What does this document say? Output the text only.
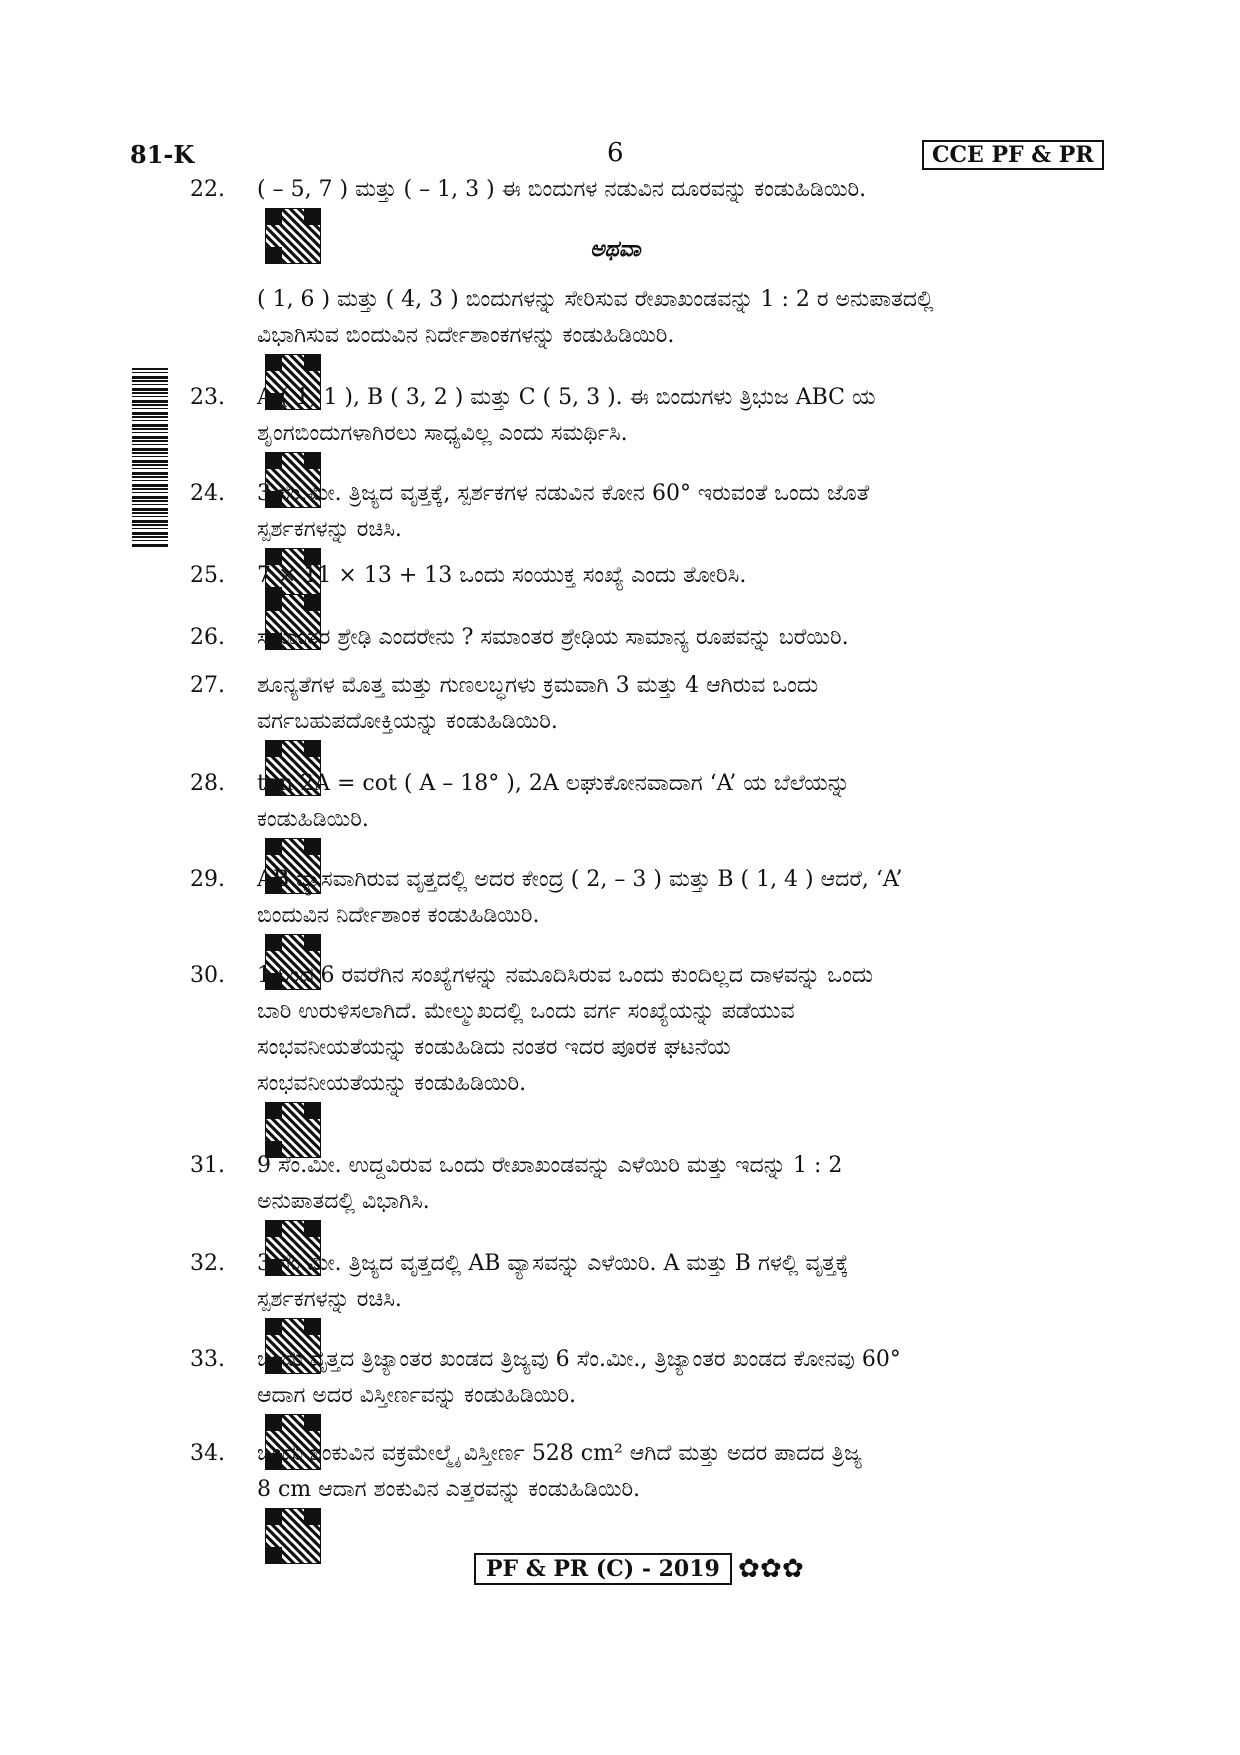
81-K	6	CCE PF & PR
22.	( – 5, 7 ) ಮತ್ತು ( – 1, 3 ) ಈ ಬಿಂದುಗಳ ನಡುವಿನ ದೂರವನ್ನು ಕಂಡುಹಿಡಿಯಿರಿ.
( 1, 6 ) ಮತ್ತು ( 4, 3 ) ಬಿಂದುಗಳನ್ನು ಸೇರಿಸುವ ರೇಖಾಖಂಡವನ್ನು 1 : 2 ರ ಅನುಪಾತದಲ್ಲಿ
ವಿಭಾಗಿಸುವ ಬಿಂದುವಿನ ನಿರ್ದೇಶಾಂಕಗಳನ್ನು ಕಂಡುಹಿಡಿಯಿರಿ.
23.	A ( 1, 1 ), B ( 3, 2 ) ಮತ್ತು C ( 5, 3 ). ಈ ಬಿಂದುಗಳು ತ್ರಿಭುಜ ABC ಯ
ಶೃಂಗಬಿಂದುಗಳಾಗಿರಲು ಸಾಧ್ಯವಿಲ್ಲ ಎಂದು ಸಮರ್ಥಿಸಿ.
24.	3 ಸೆಂ.ಮೀ. ತ್ರಿಜ್ಯದ ವೃತ್ತಕ್ಕೆ, ಸ್ಪರ್ಶಕಗಳ ನಡುವಿನ ಕೋನ 60° ಇರುವಂತೆ ಒಂದು ಜೊತೆ
ಸ್ಪರ್ಶಕಗಳನ್ನು ರಚಿಸಿ.
25.	7 × 11 × 13 + 13 ಒಂದು ಸಂಯುಕ್ತ ಸಂಖ್ಯೆ ಎಂದು ತೋರಿಸಿ.
26.	ಸಮಾಂತರ ಶ್ರೇಢಿ ಎಂದರೇನು ? ಸಮಾಂತರ ಶ್ರೇಢಿಯ ಸಾಮಾನ್ಯ ರೂಪವನ್ನು ಬರೆಯಿರಿ.
27.	ಶೂನ್ಯತೆಗಳ ಮೊತ್ತ ಮತ್ತು ಗುಣಲಬ್ಧಗಳು ಕ್ರಮವಾಗಿ 3 ಮತ್ತು 4 ಆಗಿರುವ ಒಂದು
ವರ್ಗಬಹುಪದೋಕ್ತಿಯನ್ನು ಕಂಡುಹಿಡಿಯಿರಿ.
28.	tan 2A = cot ( A – 18° ), 2A ಲಘುಕೋನವಾದಾಗ ‘A’ ಯ ಬೆಲೆಯನ್ನು
ಕಂಡುಹಿಡಿಯಿರಿ.
29.	AB ವ್ಯಾಸವಾಗಿರುವ ವೃತ್ತದಲ್ಲಿ ಅದರ ಕೇಂದ್ರ ( 2, – 3 ) ಮತ್ತು B ( 1, 4 ) ಆದರೆ, ‘A’
ಬಿಂದುವಿನ ನಿರ್ದೇಶಾಂಕ ಕಂಡುಹಿಡಿಯಿರಿ.
30.	1 ರಿಂದ 6 ರವರೆಗಿನ ಸಂಖ್ಯೆಗಳನ್ನು ನಮೂದಿಸಿರುವ ಒಂದು ಕುಂದಿಲ್ಲದ ದಾಳವನ್ನು ಒಂದು
ಬಾರಿ ಉರುಳಿಸಲಾಗಿದೆ. ಮೇಲ್ಮುಖದಲ್ಲಿ ಒಂದು ವರ್ಗ ಸಂಖ್ಯೆಯನ್ನು ಪಡೆಯುವ
ಸಂಭವನೀಯತೆಯನ್ನು ಕಂಡುಹಿಡಿದು ನಂತರ ಇದರ ಪೂರಕ ಘಟನೆಯ
ಸಂಭವನೀಯತೆಯನ್ನು ಕಂಡುಹಿಡಿಯಿರಿ.
31.	9 ಸೆಂ.ಮೀ. ಉದ್ದವಿರುವ ಒಂದು ರೇಖಾಖಂಡವನ್ನು ಎಳೆಯಿರಿ ಮತ್ತು ಇದನ್ನು 1 : 2
ಅನುಪಾತದಲ್ಲಿ ವಿಭಾಗಿಸಿ.
32.	3 ಸೆಂ.ಮೀ. ತ್ರಿಜ್ಯದ ವೃತ್ತದಲ್ಲಿ AB ವ್ಯಾಸವನ್ನು ಎಳೆಯಿರಿ. A ಮತ್ತು B ಗಳಲ್ಲಿ ವೃತ್ತಕ್ಕೆ
ಸ್ಪರ್ಶಕಗಳನ್ನು ರಚಿಸಿ.
33.	ಒಂದು ವೃತ್ತದ ತ್ರಿಜ್ಯಾಂತರ ಖಂಡದ ತ್ರಿಜ್ಯವು 6 ಸೆಂ.ಮೀ., ತ್ರಿಜ್ಯಾಂತರ ಖಂಡದ ಕೋನವು 60°
ಆದಾಗ ಅದರ ವಿಸ್ತೀರ್ಣವನ್ನು ಕಂಡುಹಿಡಿಯಿರಿ.
34.	ಒಂದು ಶಂಕುವಿನ ವಕ್ರಮೇಲ್ಮೈ ವಿಸ್ತೀರ್ಣ 528 cm² ಆಗಿದೆ ಮತ್ತು ಅದರ ಪಾದದ ತ್ರಿಜ್ಯ
8 cm ಆದಾಗ ಶಂಕುವಿನ ಎತ್ತರವನ್ನು ಕಂಡುಹಿಡಿಯಿರಿ.
ಅಥವಾ
PF & PR (C) - 2019 ✿ ✿ ✿
